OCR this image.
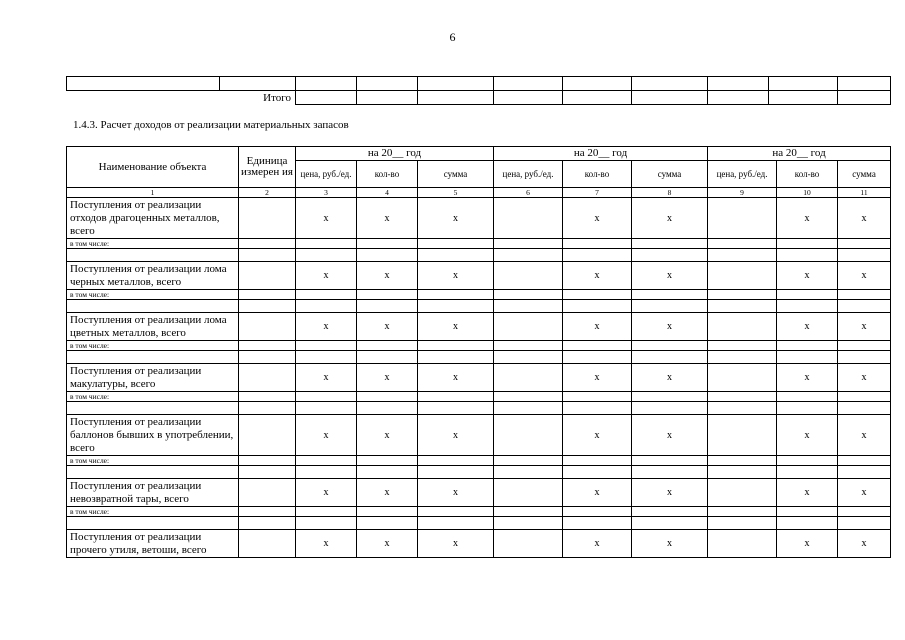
6

Итого										
1.4.3. Расчет доходов от реализации материальных запасов
Наименование объекта	Единица измерен ия	на 20__ год			на 20__ год			на 20__ год		
		цена, руб./ед.	кол-во	сумма	цена, руб./ед.	кол-во	сумма	цена, руб./ед.	кол-во	сумма
1	2	3	4	5	6	7	8	9	10	11
Поступления от реализации отходов драгоценных металлов, всего		x	x	x		x	x		x	x
в том числе:										

Поступления от реализации лома черных металлов, всего		x	x	x		x	x		x	x
в том числе:										

Поступления от реализации лома цветных металлов, всего		x	x	x		x	x		x	x
в том числе:										

Поступления от реализации макулатуры, всего		x	x	x		x	x		x	x
в том числе:										

Поступления от реализации баллонов бывших в употреблении, всего		x	x	x		x	x		x	x
в том числе:										

Поступления от реализации невозвратной тары, всего		x	x	x		x	x		x	x
в том числе:										

Поступления от реализации прочего утиля, ветоши, всего		x	x	x		x	x		x	x
